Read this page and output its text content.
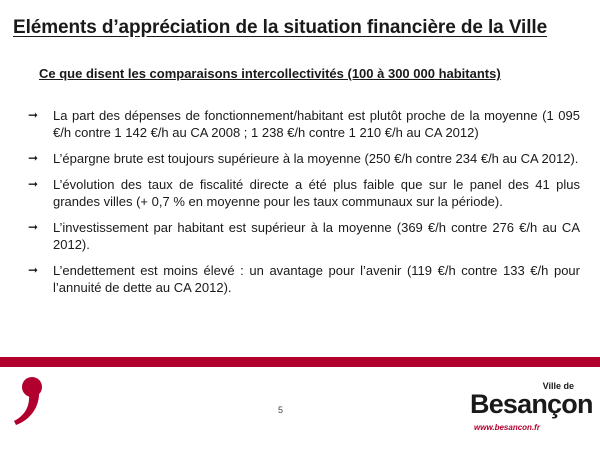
Eléments d’appréciation de la situation financière de la Ville
Ce que disent les comparaisons intercollectivités (100 à 300 000 habitants)
➞ La part des dépenses de fonctionnement/habitant est plutôt proche de la moyenne (1 095 €/h contre 1 142 €/h au CA 2008 ; 1 238 €/h contre 1 210 €/h au CA 2012)
➞ L’épargne brute est toujours supérieure à la moyenne (250 €/h contre 234 €/h au CA 2012).
➞ L’évolution des taux de fiscalité directe a été plus faible que sur le panel des 41 plus grandes villes (+ 0,7 % en moyenne pour les taux communaux sur la période).
➞ L’investissement par habitant est supérieur à la moyenne (369 €/h contre 276 €/h au CA 2012).
➞ L’endettement est moins élevé : un avantage pour l’avenir (119 €/h contre 133 €/h pour l’annuité de dette au CA 2012).
5
Ville de
Besançon
www.besancon.fr
